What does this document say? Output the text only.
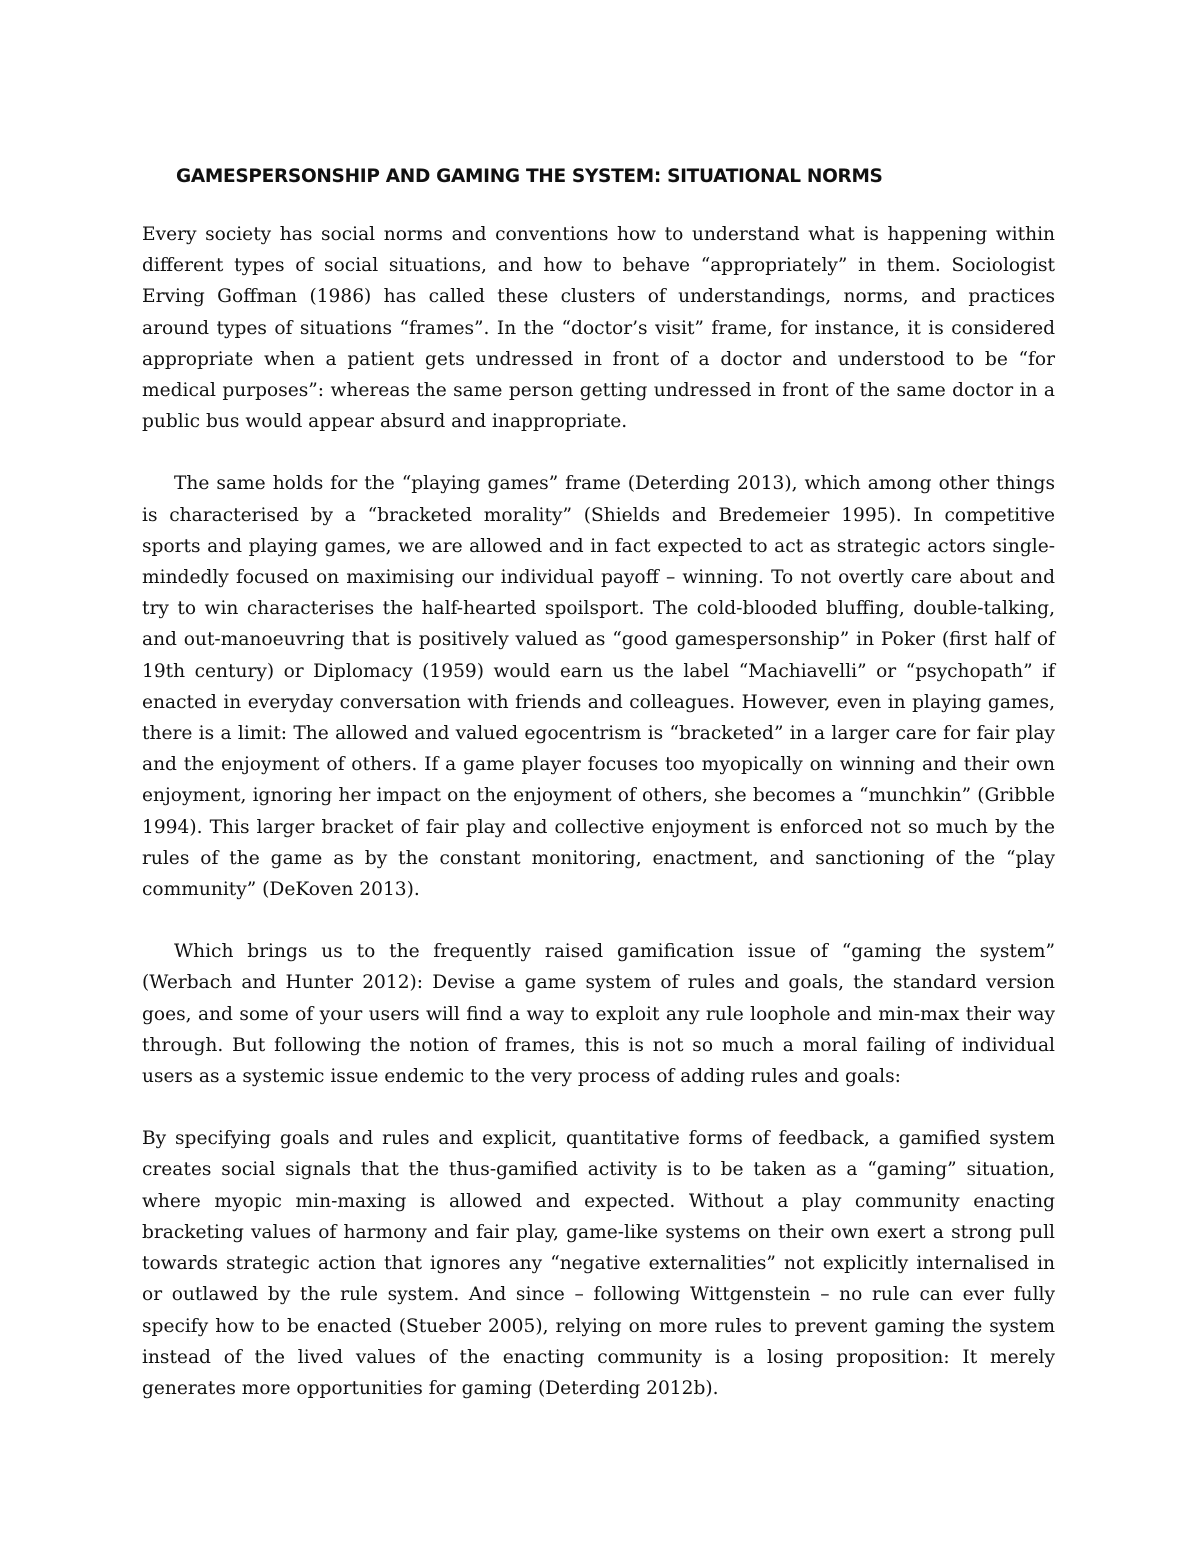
GAMESPERSONSHIP AND GAMING THE SYSTEM: SITUATIONAL NORMS

Every society has social norms and conventions how to understand what is happening within different types of social situations, and how to behave “appropriately” in them. Sociologist Erving Goffman (1986) has called these clusters of understandings, norms, and practices around types of situations “frames”. In the “doctor’s visit” frame, for instance, it is considered appropriate when a patient gets undressed in front of a doctor and understood to be “for medical purposes”: whereas the same person getting undressed in front of the same doctor in a public bus would appear absurd and inappropriate.

The same holds for the “playing games” frame (Deterding 2013), which among other things is characterised by a “bracketed morality” (Shields and Bredemeier 1995). In competitive sports and playing games, we are allowed and in fact expected to act as strategic actors single-mindedly focused on maximising our individual payoff – winning. To not overtly care about and try to win characterises the half-hearted spoilsport. The cold-blooded bluffing, double-talking, and out-manoeuvring that is positively valued as “good gamespersonship” in Poker (first half of 19th century) or Diplomacy (1959) would earn us the label “Machiavelli” or “psychopath” if enacted in everyday conversation with friends and colleagues. However, even in playing games, there is a limit: The allowed and valued egocentrism is “bracketed” in a larger care for fair play and the enjoyment of others. If a game player focuses too myopically on winning and their own enjoyment, ignoring her impact on the enjoyment of others, she becomes a “munchkin” (Gribble 1994). This larger bracket of fair play and collective enjoyment is enforced not so much by the rules of the game as by the constant monitoring, enactment, and sanctioning of the “play community” (DeKoven 2013).

Which brings us to the frequently raised gamification issue of “gaming the system” (Werbach and Hunter 2012): Devise a game system of rules and goals, the standard version goes, and some of your users will find a way to exploit any rule loophole and min-max their way through. But following the notion of frames, this is not so much a moral failing of individual users as a systemic issue endemic to the very process of adding rules and goals:

By specifying goals and rules and explicit, quantitative forms of feedback, a gamified system creates social signals that the thus-gamified activity is to be taken as a “gaming” situation, where myopic min-maxing is allowed and expected. Without a play community enacting bracketing values of harmony and fair play, game-like systems on their own exert a strong pull towards strategic action that ignores any “negative externalities” not explicitly internalised in or outlawed by the rule system. And since – following Wittgenstein – no rule can ever fully specify how to be enacted (Stueber 2005), relying on more rules to prevent gaming the system instead of the lived values of the enacting community is a losing proposition: It merely generates more opportunities for gaming (Deterding 2012b).
